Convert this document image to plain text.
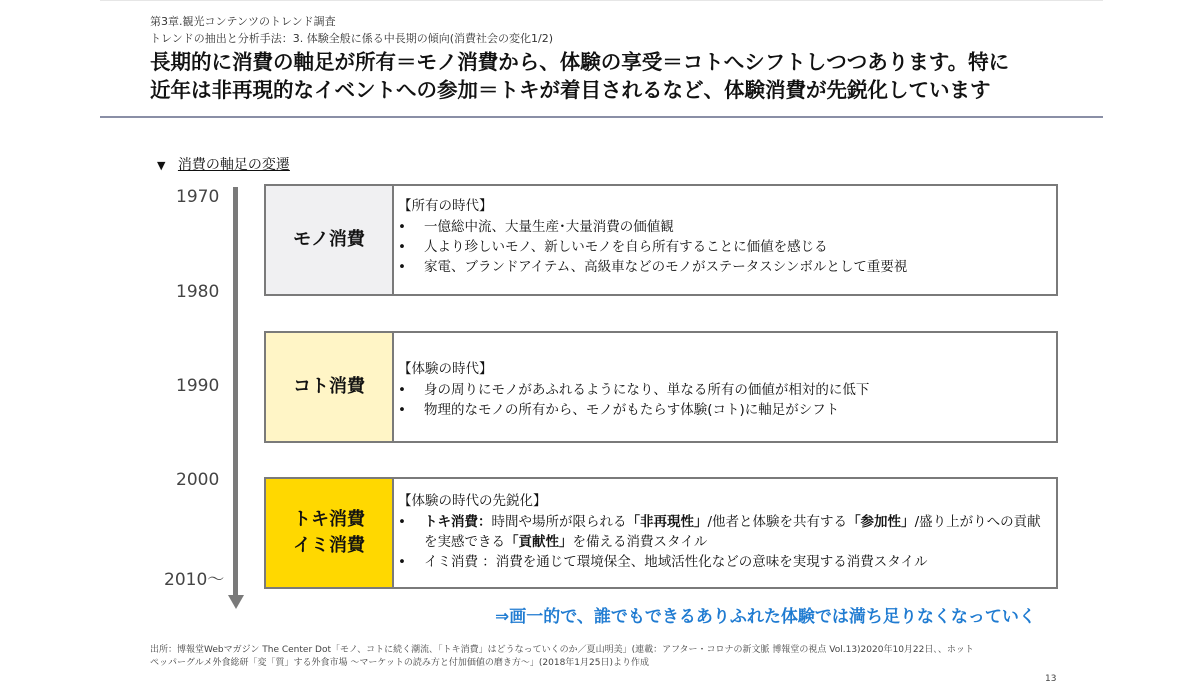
第3章.観光コンテンツのトレンド調査
トレンドの抽出と分析手法：3. 体験全般に係る中長期の傾向(消費社会の変化1/2)
長期的に消費の軸足が所有＝モノ消費から、体験の享受＝コトへシフトしつつあります。特に
近年は非再現的なイベントへの参加＝トキが着目されるなど、体験消費が先鋭化しています
▼ 消費の軸足の変遷
1970
1980
1990
2000
2010〜
モノ消費
【所有の時代】
• 一億総中流、大量生産･大量消費の価値観
• 人より珍しいモノ、新しいモノを自ら所有することに価値を感じる
• 家電、ブランドアイテム、高級車などのモノがステータスシンボルとして重要視
コト消費
【体験の時代】
• 身の周りにモノがあふれるようになり、単なる所有の価値が相対的に低下
• 物理的なモノの所有から、モノがもたらす体験(コト)に軸足がシフト
トキ消費
イミ消費
【体験の時代の先鋭化】
• トキ消費：時間や場所が限られる「非再現性」/他者と体験を共有する「参加性」/盛り上がりへの貢献を実感できる「貢献性」を備える消費スタイル
• イミ消費 ：消費を通じて環境保全、地域活性化などの意味を実現する消費スタイル
⇒画一的で、誰でもできるありふれた体験では満ち足りなくなっていく
出所：博報堂Webマガジン The Center Dot「モノ、コトに続く潮流､「トキ消費」はどうなっていくのか／夏山明美」(連載：アフター・コロナの新文脈 博報堂の視点 Vol.13)2020年10月22日､、ホット
ペッパーグルメ外食総研「変「質」する外食市場 ～マーケットの読み方と付加価値の磨き方～」(2018年1月25日)より作成
13
